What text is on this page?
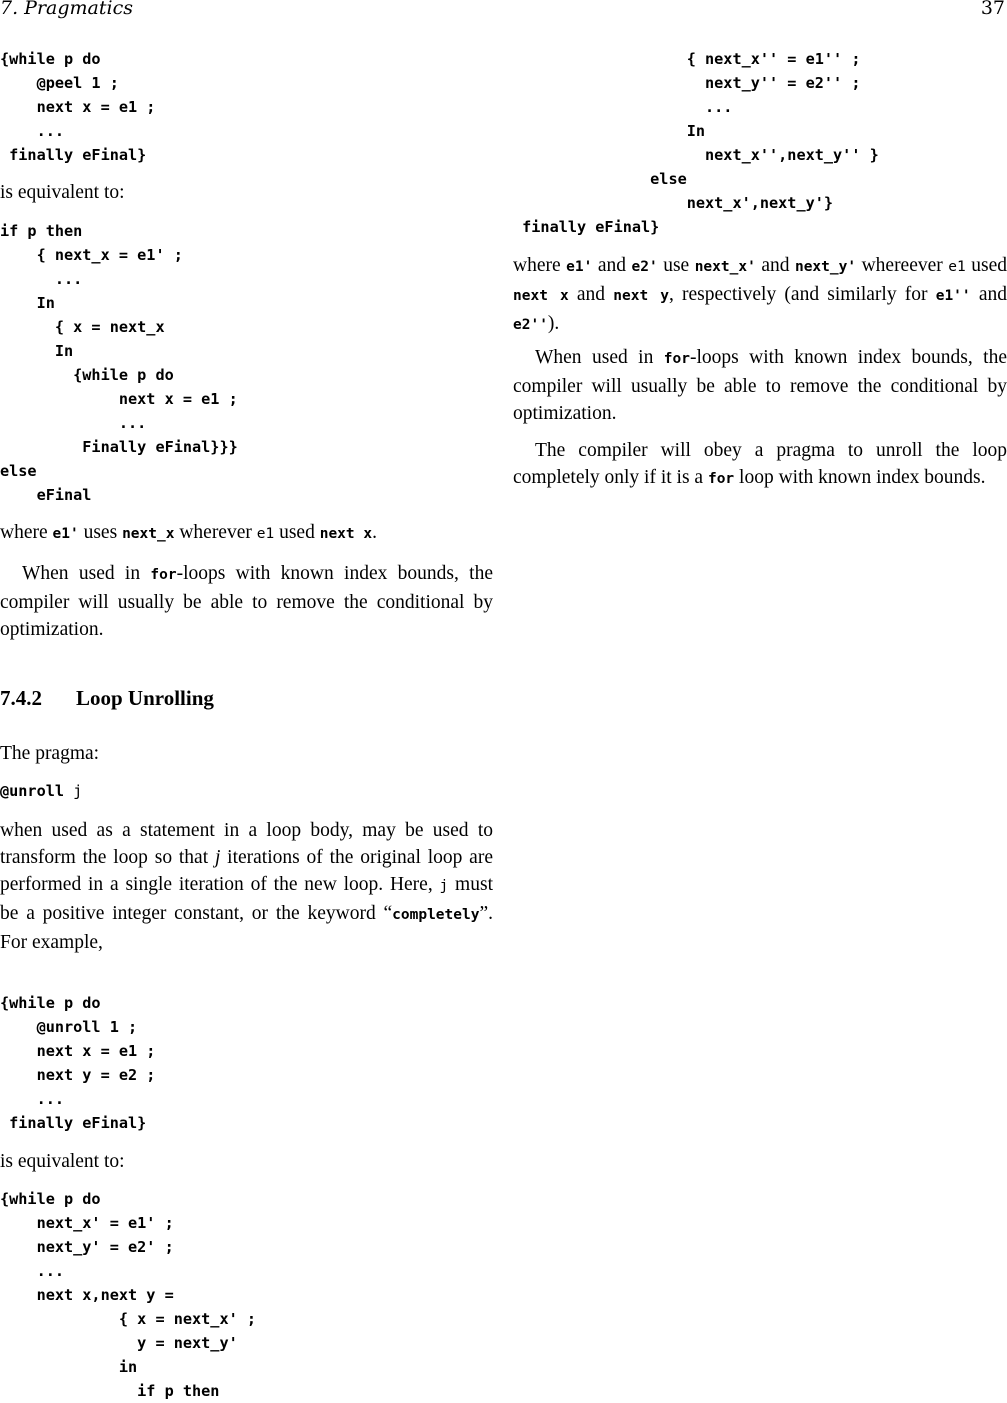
7. Pragmatics	37
{while p do
@peel 1 ;
next x = e1 ;
...
finally eFinal}

is equivalent to:

if p then
{ next_x = e1' ;
...
In
{ x = next_x
In
{while p do
next x = e1 ;
...
Finally eFinal}}}
else
eFinal

where e1' uses next_x wherever e1 used next x.

When used in for-loops with known index bounds, the compiler will usually be able to remove the conditional by optimization.

7.4.2 Loop Unrolling

The pragma:

@unroll j

when used as a statement in a loop body, may be used to transform the loop so that j iterations of the original loop are performed in a single iteration of the new loop. Here, j must be a positive integer constant, or the keyword “completely”. For example,

{while p do
@unroll 1 ;
next x = e1 ;
next y = e2 ;
...
finally eFinal}

is equivalent to:

{while p do
next_x' = e1' ;
next_y' = e2' ;
...
next x,next y =
{ x = next_x' ;
y = next_y'
in
if p then
{ next_x'' = e1'' ;
next_y'' = e2'' ;
...
In
next_x'',next_y'' }
else
next_x',next_y'}
finally eFinal}

where e1' and e2' use next_x' and next_y' whereever e1 used next x and next y, respectively (and similarly for e1'' and e2'').

When used in for-loops with known index bounds, the compiler will usually be able to remove the conditional by optimization.

The compiler will obey a pragma to unroll the loop completely only if it is a for loop with known index bounds.
